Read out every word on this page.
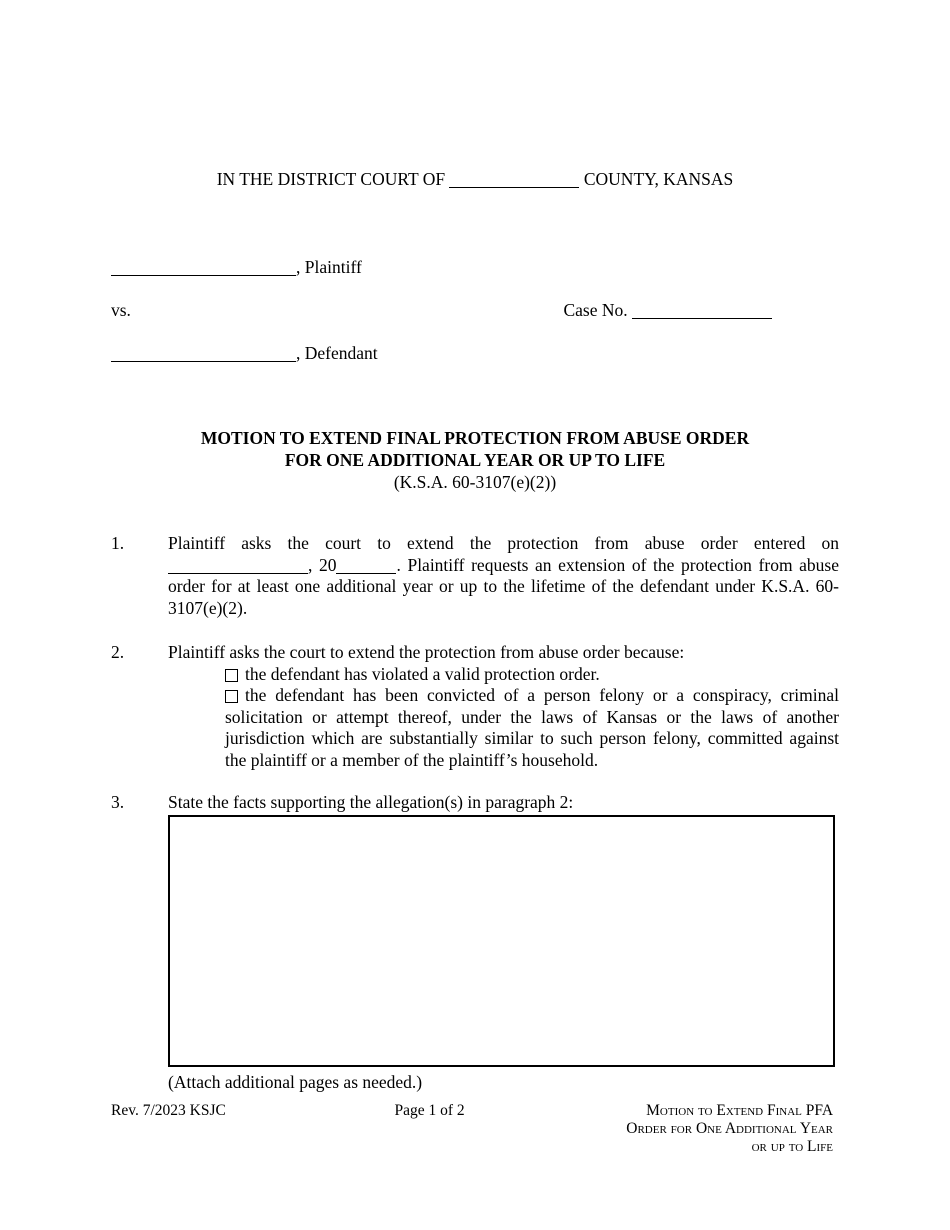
IN THE DISTRICT COURT OF	COUNTY, KANSAS
, Plaintiff
vs.	Case No.
, Defendant
MOTION TO EXTEND FINAL PROTECTION FROM ABUSE ORDER
FOR ONE ADDITIONAL YEAR OR UP TO LIFE
(K.S.A. 60-3107(e)(2))
1.	Plaintiff asks the court to extend the protection from abuse order entered on , 20	. Plaintiff requests an extension of the protection from abuse order for at least one additional year or up to the lifetime of the defendant under K.S.A. 60-3107(e)(2).
2.	Plaintiff asks the court to extend the protection from abuse order because:
the defendant has violated a valid protection order.
the defendant has been convicted of a person felony or a conspiracy, criminal solicitation or attempt thereof, under the laws of Kansas or the laws of another jurisdiction which are substantially similar to such person felony, committed against the plaintiff or a member of the plaintiff’s household.
3.	State the facts supporting the allegation(s) in paragraph 2:
(Attach additional pages as needed.)
Rev. 7/2023 KSJC	Page 1 of 2	Motion to Extend Final PFA
Order for One Additional Year
or up to Life
